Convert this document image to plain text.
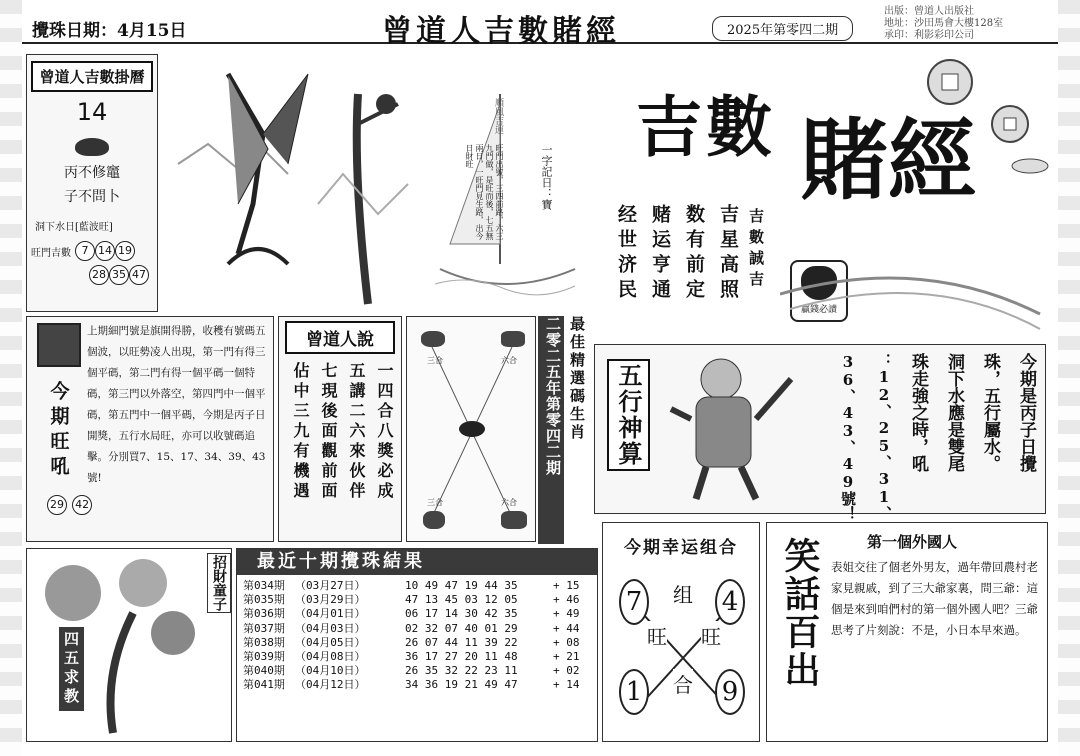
攪珠日期：4月15日	曾道人吉數賭經	2025年第零四二期
出版：曾道人出版社
地址：沙田馬會大樓128室
承印：利影彩印公司
曾道人吉數掛曆
14
丙不修竈
子不問卜
洞下水日[藍波旺]
旺門吉數 7 14 19
28 35 47
順風吉運
旺門出號，三四前路，六三九門做，是旺而後，七五無兩日，一旺門見生路，出今日財旺	一字記日：寶
吉數 賭經
吉星高照
数有前定
赌运亨通
经世济民	吉數誠吉
贏錢必讀
今期旺吼
上期細門號是旗開得勝，收穫有號碼五個波，以旺勢凌人出現，第一門有得三個平碼，第二門有得一個平碼一個特碼，第三門以外落空，第四門中一個平碼，第五門中一個平碼，今期是丙子日開獎，五行水局旺，亦可以收號碼追擊。分別買7、15、17、34、39、43號!
29 42
曾道人說
一四合八獎必成
五講二六來伙伴
七現後面觀前面
佔中三九有機遇
三合	六合
三合	六合
最佳精選碼生肖
二零二五年第零四二期 五行神算	今期是丙子日攪
珠，五行屬水。
洞下水應是雙尾
珠走強之時，吼
：12、25、31、
36、43、49號！
招財童子
四五求教
最近十期攪珠結果
第034期 （03月27日）	10 49 47 19 44 35	+ 15
第035期 （03月29日）	47 13 45 03 12 05	+ 46
第036期 （04月01日）	06 17 14 30 42 35	+ 49
第037期 （04月03日）	02 32 07 40 01 29	+ 44
第038期 （04月05日）	26 07 44 11 39 22	+ 08
第039期 （04月08日）	36 17 27 20 11 48	+ 21
第040期 （04月10日）	26 35 32 22 23 11	+ 02
第041期 （04月12日）	34 36 19 21 49 47	+ 14
今期幸运组合
7	4
1	9
组
旺 旺
合 笑話百出	第一個外國人
表姐交往了個老外男友，過年帶回農村老家見親戚，到了三大爺家裏，問三爺：這個是來到咱們村的第一個外國人吧？三爺思考了片刻說：不是，小日本早來過。
